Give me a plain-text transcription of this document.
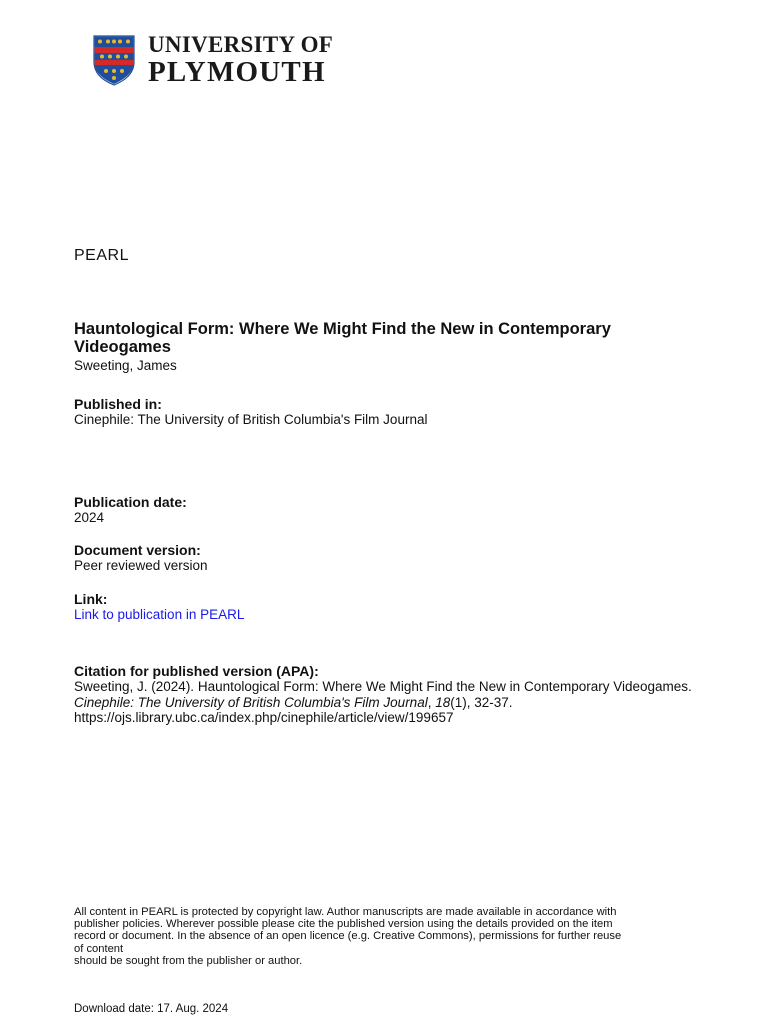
UNIVERSITY OF
PLYMOUTH
PEARL
Hauntological Form: Where We Might Find the New in Contemporary Videogames
Sweeting, James
Published in:
Cinephile: The University of British Columbia's Film Journal
Publication date:
2024
Document version:
Peer reviewed version
Link:
Link to publication in PEARL
Citation for published version (APA):
Sweeting, J. (2024). Hauntological Form: Where We Might Find the New in Contemporary Videogames. Cinephile: The University of British Columbia's Film Journal, 18(1), 32-37.
https://ojs.library.ubc.ca/index.php/cinephile/article/view/199657
All content in PEARL is protected by copyright law. Author manuscripts are made available in accordance with
publisher policies. Wherever possible please cite the published version using the details provided on the item
record or document. In the absence of an open licence (e.g. Creative Commons), permissions for further reuse
of content
should be sought from the publisher or author.
Download date: 17. Aug. 2024
